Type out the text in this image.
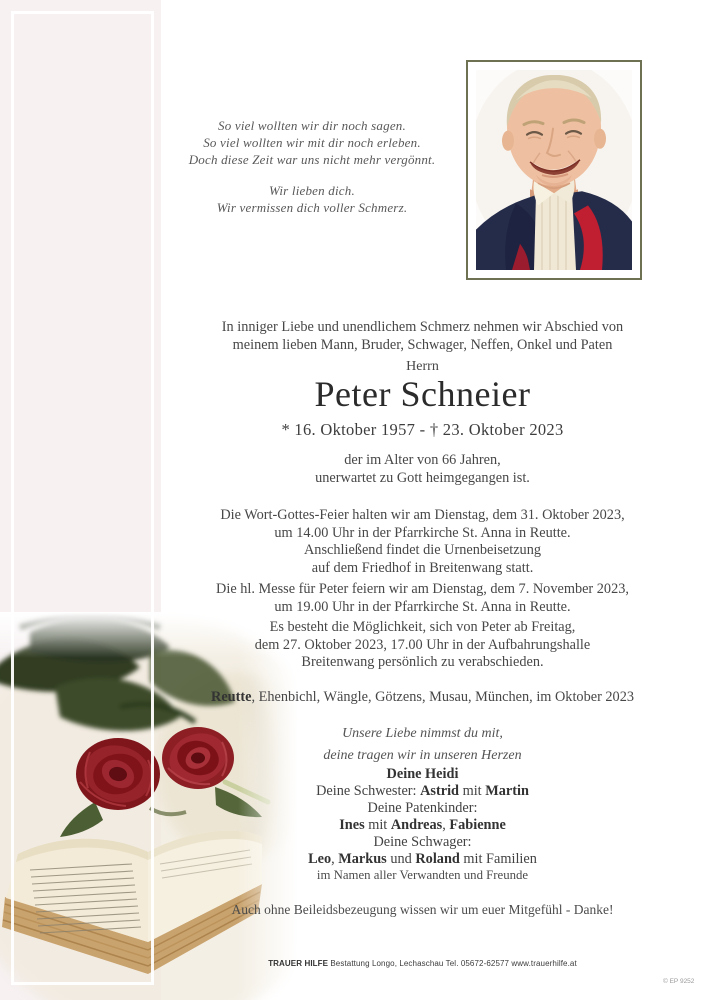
So viel wollten wir dir noch sagen.
So viel wollten wir mit dir noch erleben.
Doch diese Zeit war uns nicht mehr vergönnt.
Wir lieben dich.
Wir vermissen dich voller Schmerz.
In inniger Liebe und unendlichem Schmerz nehmen wir Abschied von
meinem lieben Mann, Bruder, Schwager, Neffen, Onkel und Paten
Herrn
Peter Schneier
* 16. Oktober 1957 - † 23. Oktober 2023
der im Alter von 66 Jahren,
unerwartet zu Gott heimgegangen ist.
Die Wort-Gottes-Feier halten wir am Dienstag, dem 31. Oktober 2023,
um 14.00 Uhr in der Pfarrkirche St. Anna in Reutte.
Anschließend findet die Urnenbeisetzung
auf dem Friedhof in Breitenwang statt.
Die hl. Messe für Peter feiern wir am Dienstag, dem 7. November 2023,
um 19.00 Uhr in der Pfarrkirche St. Anna in Reutte.
Es besteht die Möglichkeit, sich von Peter ab Freitag,
dem 27. Oktober 2023, 17.00 Uhr in der Aufbahrungshalle
Breitenwang persönlich zu verabschieden.
Reutte, Ehenbichl, Wängle, Götzens, Musau, München, im Oktober 2023
Unsere Liebe nimmst du mit,
deine tragen wir in unseren Herzen
Deine Heidi
Deine Schwester: Astrid mit Martin
Deine Patenkinder:
Ines mit Andreas, Fabienne
Deine Schwager:
Leo, Markus und Roland mit Familien
im Namen aller Verwandten und Freunde
Auch ohne Beileidsbezeugung wissen wir um euer Mitgefühl - Danke!
TRAUER HILFE Bestattung Longo, Lechaschau Tel. 05672-62577 www.trauerhilfe.at
© EP 9252
